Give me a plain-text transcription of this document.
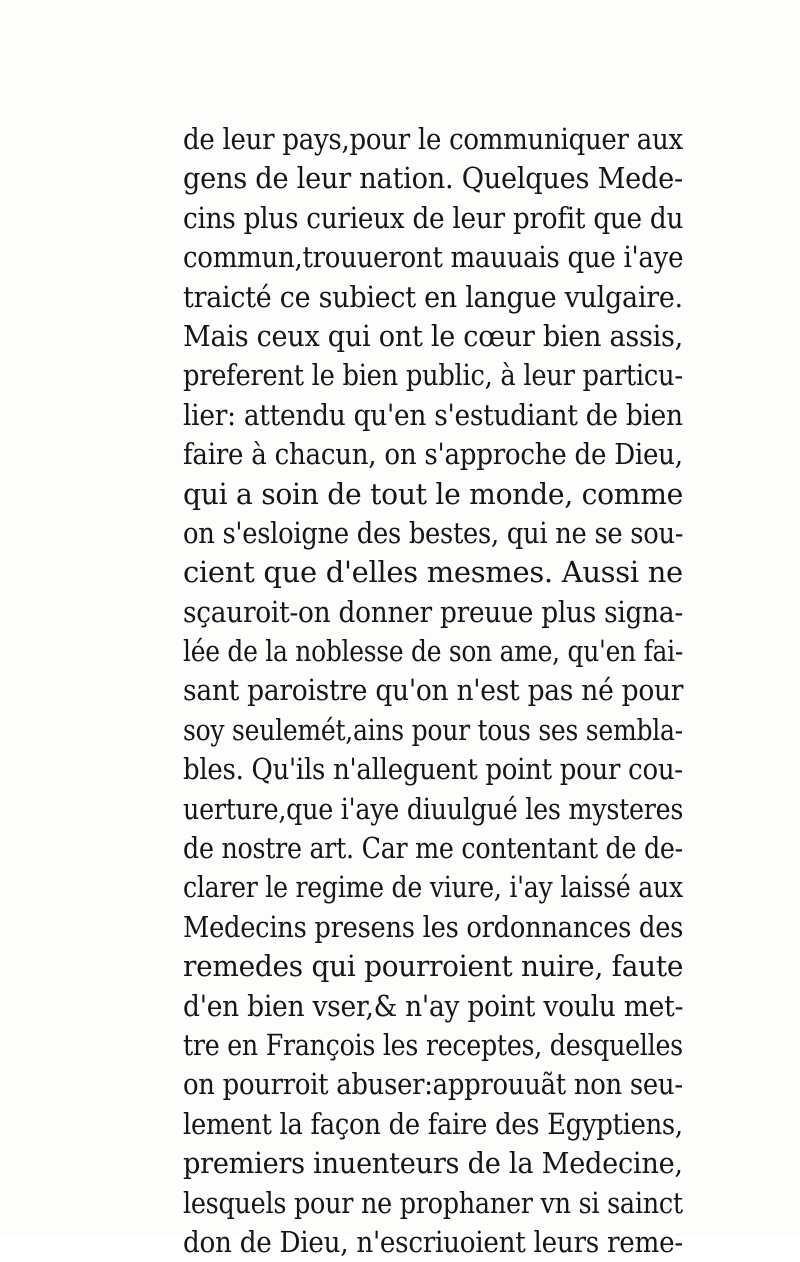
de leur pays,pour le communiquer aux
gens de leur nation. Quelques Mede-
cins plus curieux de leur profit que du
commun,trouueront mauuais que i'aye
traicté ce subiect en langue vulgaire.
Mais ceux qui ont le cœur bien assis,
preferent le bien public, à leur particu-
lier: attendu qu'en s'estudiant de bien
faire à chacun, on s'approche de Dieu,
qui a soin de tout le monde, comme
on s'esloigne des bestes, qui ne se sou-
cient que d'elles mesmes. Aussi ne
sçauroit-on donner preuue plus signa-
lée de la noblesse de son ame, qu'en fai-
sant paroistre qu'on n'est pas né pour
soy seulemét,ains pour tous ses sembla-
bles. Qu'ils n'alleguent point pour cou-
uerture,que i'aye diuulgué les mysteres
de nostre art. Car me contentant de de-
clarer le regime de viure, i'ay laissé aux
Medecins presens les ordonnances des
remedes qui pourroient nuire, faute
d'en bien vser,& n'ay point voulu met-
tre en François les receptes, desquelles
on pourroit abuser:approuuãt non seu-
lement la façon de faire des Egyptiens,
premiers inuenteurs de la Medecine,
lesquels pour ne prophaner vn si sainct
don de Dieu, n'escriuoient leurs reme-
